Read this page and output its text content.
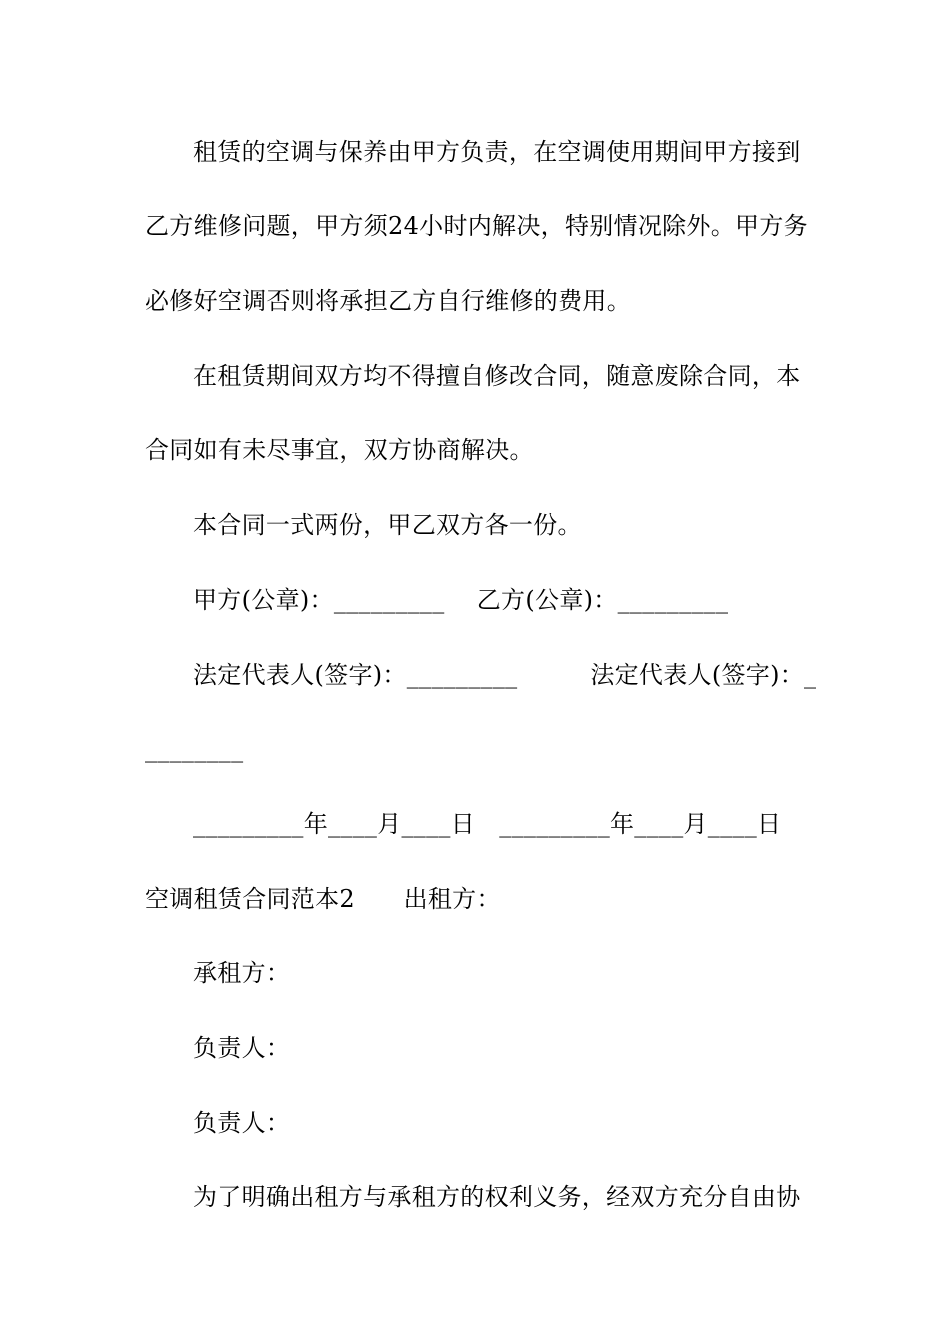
租赁的空调与保养由甲方负责，在空调使用期间甲方接到
乙方维修问题，甲方须24小时内解决，特别情况除外。甲方务
必修好空调否则将承担乙方自行维修的费用。
在租赁期间双方均不得擅自修改合同，随意废除合同，本
合同如有未尽事宜，双方协商解决。
本合同一式两份，甲乙双方各一份。
甲方(公章)：_________　 乙方(公章)：_________
法定代表人(签字)：_________　　　法定代表人(签字)：_
________
_________年____月____日　_________年____月____日
空调租赁合同范本2　　出租方：
承租方：
负责人：
负责人：
为了明确出租方与承租方的权利义务，经双方充分自由协
